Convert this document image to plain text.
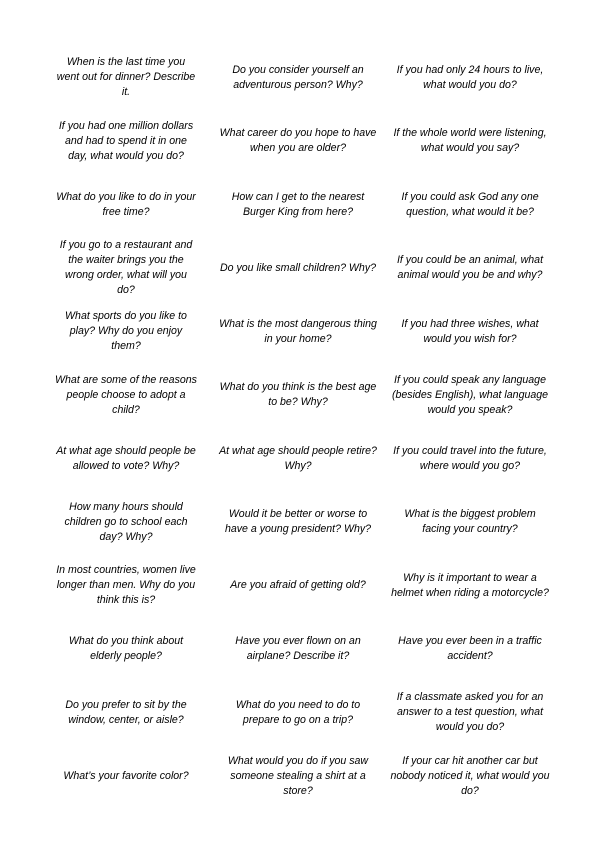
When is the last time you
went out for dinner? Describe
it.
Do you consider yourself an
adventurous person? Why?
If you had only 24 hours to live,
what would you do?
If you had one million dollars
and had to spend it in one
day, what would you do?
What career do you hope to have
when you are older?
If the whole world were listening,
what would you say?
What do you like to do in your
free time?
How can I get to the nearest
Burger King from here?
If you could ask God any one
question, what would it be?
If you go to a restaurant and
the waiter brings you the
wrong order, what will you
do?
Do you like small children? Why?
If you could be an animal, what
animal would you be and why?
What sports do you like to
play? Why do you enjoy
them?
What is the most dangerous thing
in your home?
If you had three wishes, what
would you wish for?
What are some of the reasons
people choose to adopt a
child?
What do you think is the best age
to be? Why?
If you could speak any language
(besides English), what language
would you speak?
At what age should people be
allowed to vote? Why?
At what age should people retire?
Why?
If you could travel into the future,
where would you go?
How many hours should
children go to school each
day? Why?
Would it be better or worse to
have a young president? Why?
What is the biggest problem
facing your country?
In most countries, women live
longer than men. Why do you
think this is?
Are you afraid of getting old?
Why is it important to wear a
helmet when riding a motorcycle?
What do you think about
elderly people?
Have you ever flown on an
airplane? Describe it?
Have you ever been in a traffic
accident?
Do you prefer to sit by the
window, center, or aisle?
What do you need to do to
prepare to go on a trip?
If a classmate asked you for an
answer to a test question, what
would you do?
What’s your favorite color?
What would you do if you saw
someone stealing a shirt at a
store?
If your car hit another car but
nobody noticed it, what would you
do?
